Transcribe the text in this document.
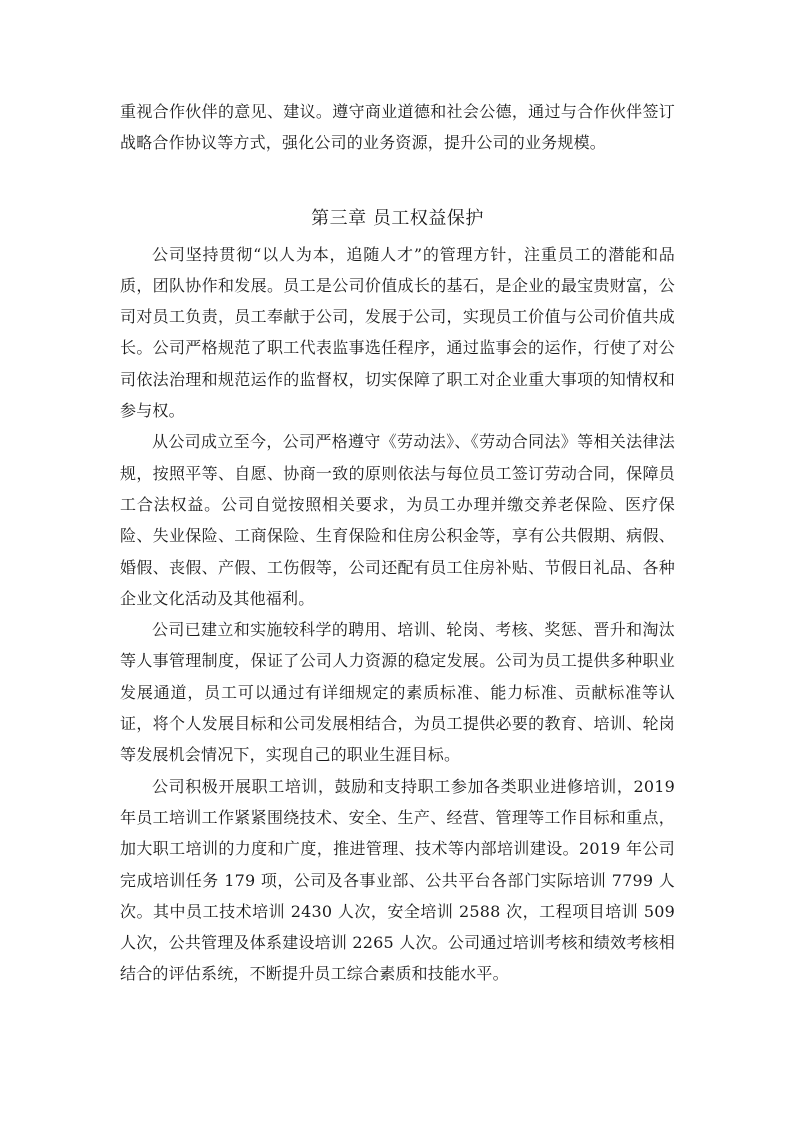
重视合作伙伴的意见、建议。遵守商业道德和社会公德，通过与合作伙伴签订战略合作协议等方式，强化公司的业务资源，提升公司的业务规模。

第三章 员工权益保护

公司坚持贯彻“以人为本，追随人才”的管理方针，注重员工的潜能和品质，团队协作和发展。员工是公司价值成长的基石，是企业的最宝贵财富，公司对员工负责，员工奉献于公司，发展于公司，实现员工价值与公司价值共成长。公司严格规范了职工代表监事选任程序，通过监事会的运作，行使了对公司依法治理和规范运作的监督权，切实保障了职工对企业重大事项的知情权和参与权。

从公司成立至今，公司严格遵守《劳动法》、《劳动合同法》等相关法律法规，按照平等、自愿、协商一致的原则依法与每位员工签订劳动合同，保障员工合法权益。公司自觉按照相关要求，为员工办理并缴交养老保险、医疗保险、失业保险、工商保险、生育保险和住房公积金等，享有公共假期、病假、婚假、丧假、产假、工伤假等，公司还配有员工住房补贴、节假日礼品、各种企业文化活动及其他福利。

公司已建立和实施较科学的聘用、培训、轮岗、考核、奖惩、晋升和淘汰等人事管理制度，保证了公司人力资源的稳定发展。公司为员工提供多种职业发展通道，员工可以通过有详细规定的素质标准、能力标准、贡献标准等认证，将个人发展目标和公司发展相结合，为员工提供必要的教育、培训、轮岗等发展机会情况下，实现自己的职业生涯目标。

公司积极开展职工培训，鼓励和支持职工参加各类职业进修培训，2019 年员工培训工作紧紧围绕技术、安全、生产、经营、管理等工作目标和重点，加大职工培训的力度和广度，推进管理、技术等内部培训建设。2019 年公司完成培训任务 179 项，公司及各事业部、公共平台各部门实际培训 7799 人次。其中员工技术培训 2430 人次，安全培训 2588 次，工程项目培训 509 人次，公共管理及体系建设培训 2265 人次。公司通过培训考核和绩效考核相结合的评估系统，不断提升员工综合素质和技能水平。
